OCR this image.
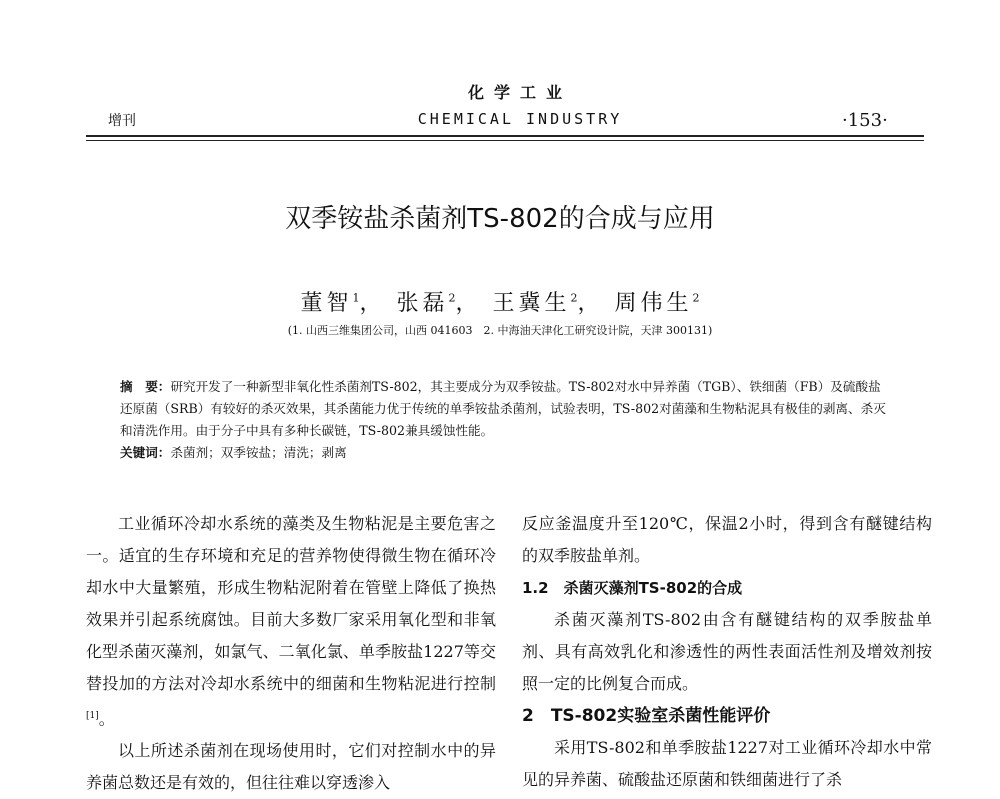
化学工业
增刊	CHEMICAL INDUSTRY	·153·
双季铵盐杀菌剂TS-802的合成与应用
董智$^1$， 张磊$^2$， 王冀生$^2$， 周伟生$^2$
(1. 山西三维集团公司，山西 041603　2. 中海油天津化工研究设计院，天津 300131)
摘　要：研究开发了一种新型非氧化性杀菌剂TS-802，其主要成分为双季铵盐。TS-802对水中异养菌（TGB）、铁细菌（FB）及硫酸盐还原菌（SRB）有较好的杀灭效果，其杀菌能力优于传统的单季铵盐杀菌剂，试验表明，TS-802对菌藻和生物粘泥具有极佳的剥离、杀灭和清洗作用。由于分子中具有多种长碳链，TS-802兼具缓蚀性能。
关键词：杀菌剂；双季铵盐；清洗；剥离

工业循环冷却水系统的藻类及生物粘泥是主要危害之一。适宜的生存环境和充足的营养物使得微生物在循环冷却水中大量繁殖，形成生物粘泥附着在管壁上降低了换热效果并引起系统腐蚀。目前大多数厂家采用氧化型和非氧化型杀菌灭藻剂，如氯气、二氧化氯、单季胺盐1227等交替投加的方法对冷却水系统中的细菌和生物粘泥进行控制[1]。

以上所述杀菌剂在现场使用时，它们对控制水中的异养菌总数还是有效的，但往往难以穿透渗入

反应釜温度升至120℃，保温2小时，得到含有醚键结构的双季胺盐单剂。

1.2　杀菌灭藻剂TS-802的合成

杀菌灭藻剂TS-802由含有醚键结构的双季胺盐单剂、具有高效乳化和渗透性的两性表面活性剂及增效剂按照一定的比例复合而成。

2　TS-802实验室杀菌性能评价

采用TS-802和单季胺盐1227对工业循环冷却水中常见的异养菌、硫酸盐还原菌和铁细菌进行了杀
